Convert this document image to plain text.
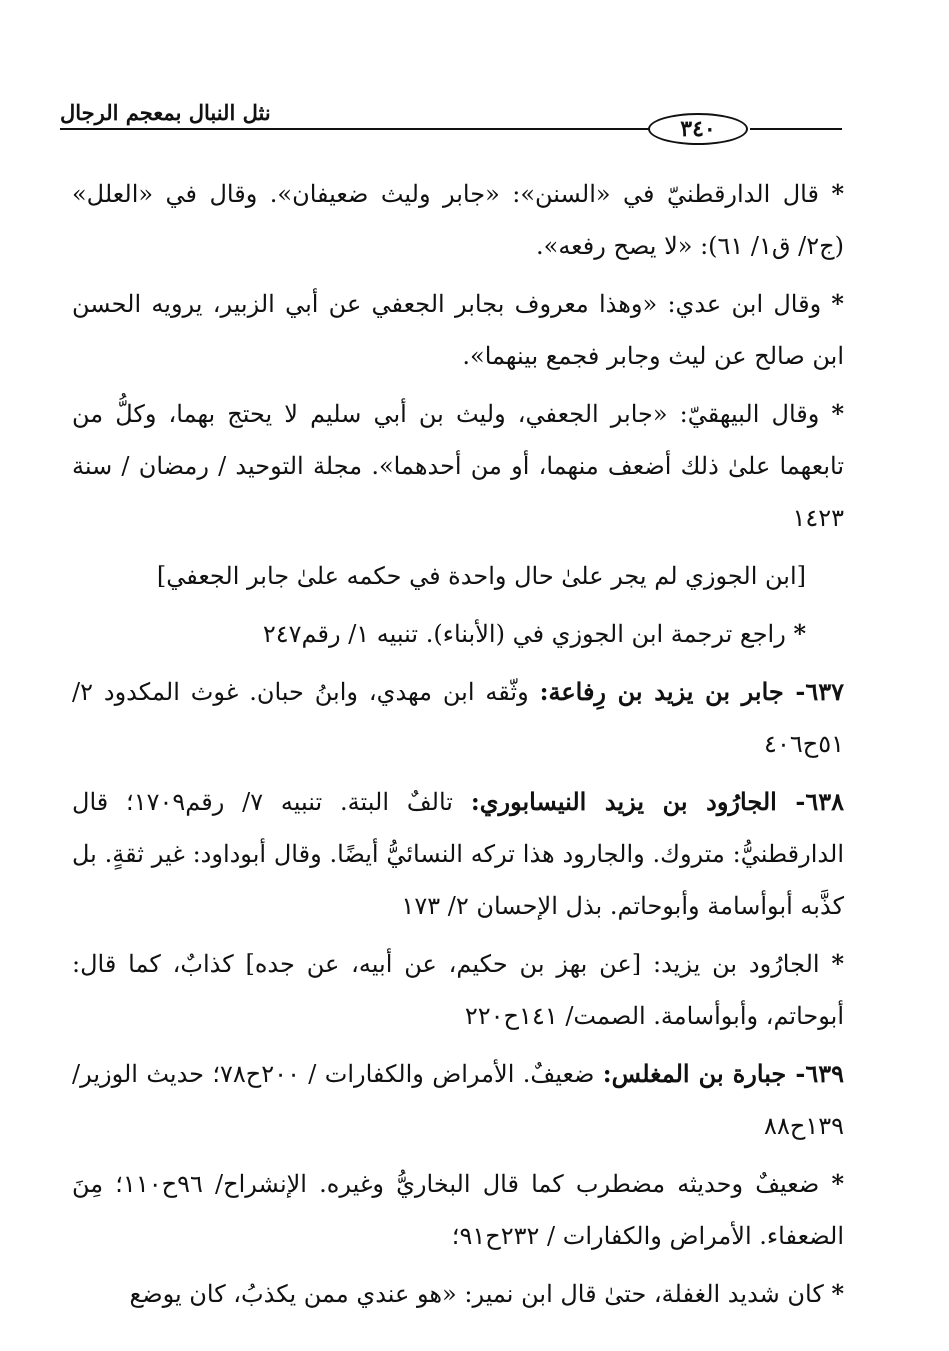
نثل النبال بمعجم الرجال
٣٤٠

* قال الدارقطنيّ في «السنن»: «جابر وليث ضعيفان». وقال في «العلل» (ج٢/ ق١/ ٦١): «لا يصح رفعه».

* وقال ابن عدي: «وهذا معروف بجابر الجعفي عن أبي الزبير، يرويه الحسن ابن صالح عن ليث وجابر فجمع بينهما».

* وقال البيهقيّ: «جابر الجعفي، وليث بن أبي سليم لا يحتج بهما، وكلُّ من تابعهما علىٰ ذلك أضعف منهما، أو من أحدهما». مجلة التوحيد / رمضان / سنة ١٤٢٣

[ابن الجوزي لم يجر علىٰ حال واحدة في حكمه علىٰ جابر الجعفي]

* راجع ترجمة ابن الجوزي في (الأبناء). تنبيه ١/ رقم٢٤٧

٦٣٧- جابر بن يزيد بن رِفاعة: وثّقه ابن مهدي، وابنُ حبان. غوث المكدود ٢/ ٥١ح٤٠٦

٦٣٨- الجارُود بن يزيد النيسابوري: تالفٌ البتة. تنبيه ٧/ رقم١٧٠٩؛ قال الدارقطنيُّ: متروك. والجارود هذا تركه النسائيُّ أيضًا. وقال أبوداود: غير ثقةٍ. بل كذَّبه أبوأسامة وأبوحاتم. بذل الإحسان ٢/ ١٧٣

* الجارُود بن يزيد: [عن بهز بن حكيم، عن أبيه، عن جده] كذابٌ، كما قال: أبوحاتم، وأبوأسامة. الصمت/ ١٤١ح٢٢٠

٦٣٩- جبارة بن المغلس: ضعيفٌ. الأمراض والكفارات / ٢٠٠ح٧٨؛ حديث الوزير/ ١٣٩ح٨٨

* ضعيفٌ وحديثه مضطرب كما قال البخاريُّ وغيره. الإنشراح/ ٩٦ح١١٠؛ مِنَ الضعفاء. الأمراض والكفارات / ٢٣٢ح٩١؛

* كان شديد الغفلة، حتىٰ قال ابن نمير: «هو عندي ممن يكذبُ، كان يوضع
